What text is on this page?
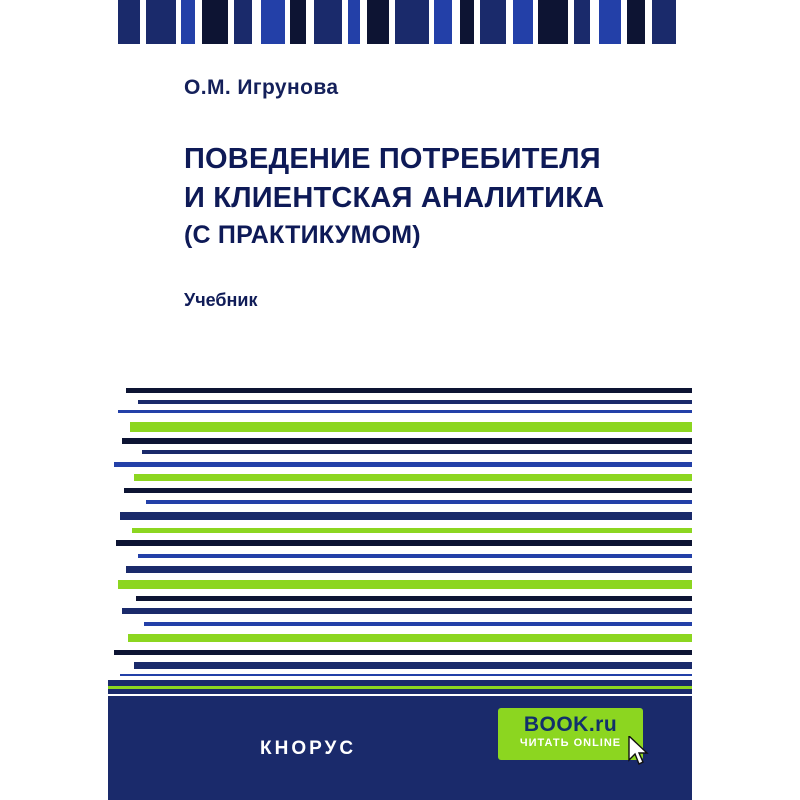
О.М. Игрунова
ПОВЕДЕНИЕ ПОТРЕБИТЕЛЯ
И КЛИЕНТСКАЯ АНАЛИТИКА
(С ПРАКТИКУМОМ)
Учебник
КНОРУС
BOOK.ru
ЧИТАТЬ ONLINE
